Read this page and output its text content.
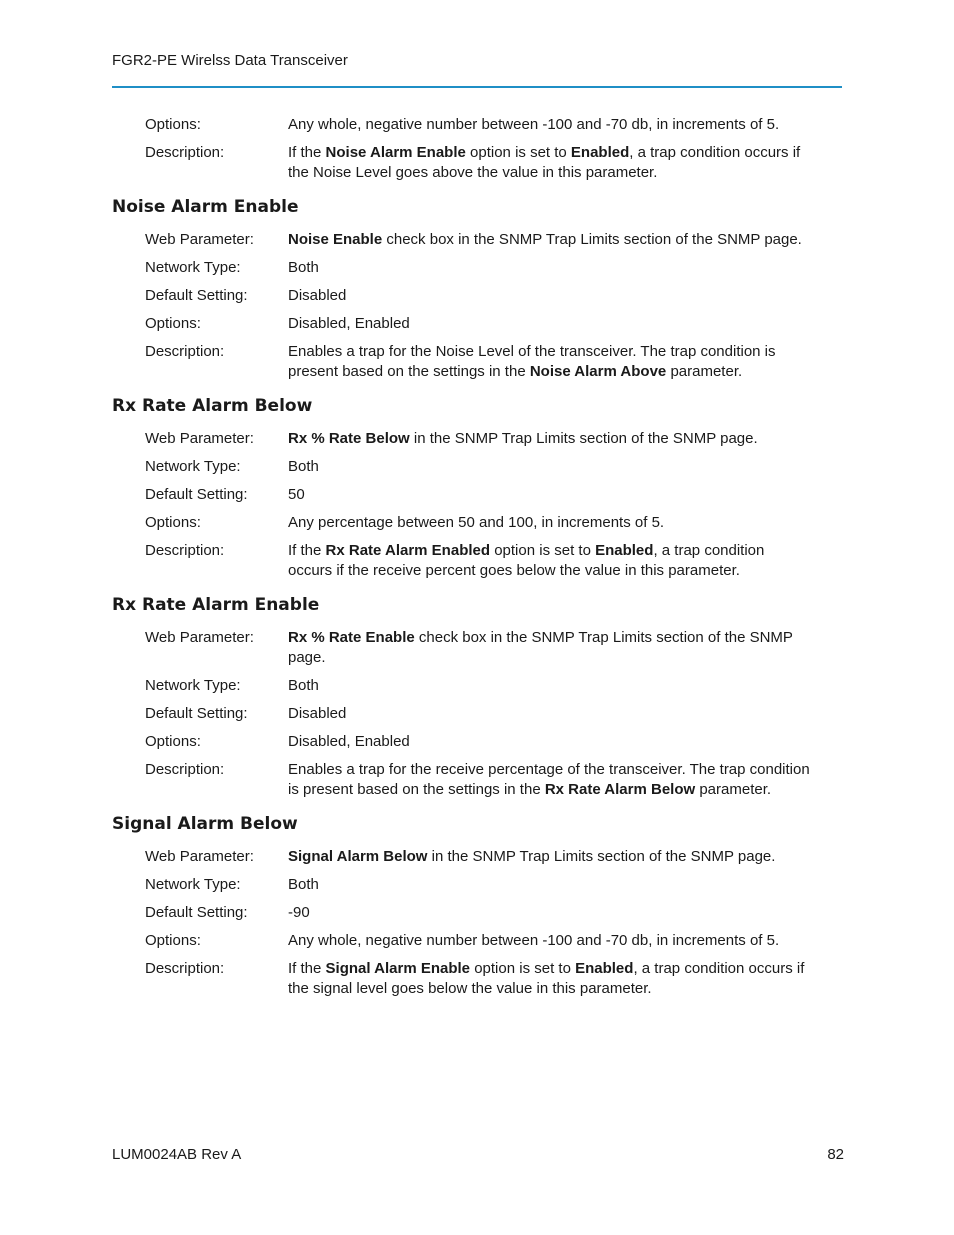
FGR2-PE Wirelss Data Transceiver
Options:	Any whole, negative number between -100 and -70 db, in increments of 5.
Description:	If the Noise Alarm Enable option is set to Enabled, a trap condition occurs if the Noise Level goes above the value in this parameter.
Noise Alarm Enable
Web Parameter:	Noise Enable check box in the SNMP Trap Limits section of the SNMP page.
Network Type:	Both
Default Setting:	Disabled
Options:	Disabled, Enabled
Description:	Enables a trap for the Noise Level of the transceiver. The trap condition is present based on the settings in the Noise Alarm Above parameter.
Rx Rate Alarm Below
Web Parameter:	Rx % Rate Below in the SNMP Trap Limits section of the SNMP page.
Network Type:	Both
Default Setting:	50
Options:	Any percentage between 50 and 100, in increments of 5.
Description:	If the Rx Rate Alarm Enabled option is set to Enabled, a trap condition occurs if the receive percent goes below the value in this parameter.
Rx Rate Alarm Enable
Web Parameter:	Rx % Rate Enable check box in the SNMP Trap Limits section of the SNMP page.
Network Type:	Both
Default Setting:	Disabled
Options:	Disabled, Enabled
Description:	Enables a trap for the receive percentage of the transceiver. The trap condition is present based on the settings in the Rx Rate Alarm Below parameter.
Signal Alarm Below
Web Parameter:	Signal Alarm Below in the SNMP Trap Limits section of the SNMP page.
Network Type:	Both
Default Setting:	-90
Options:	Any whole, negative number between -100 and -70 db, in increments of 5.
Description:	If the Signal Alarm Enable option is set to Enabled, a trap condition occurs if the signal level goes below the value in this parameter.
LUM0024AB Rev A	82
